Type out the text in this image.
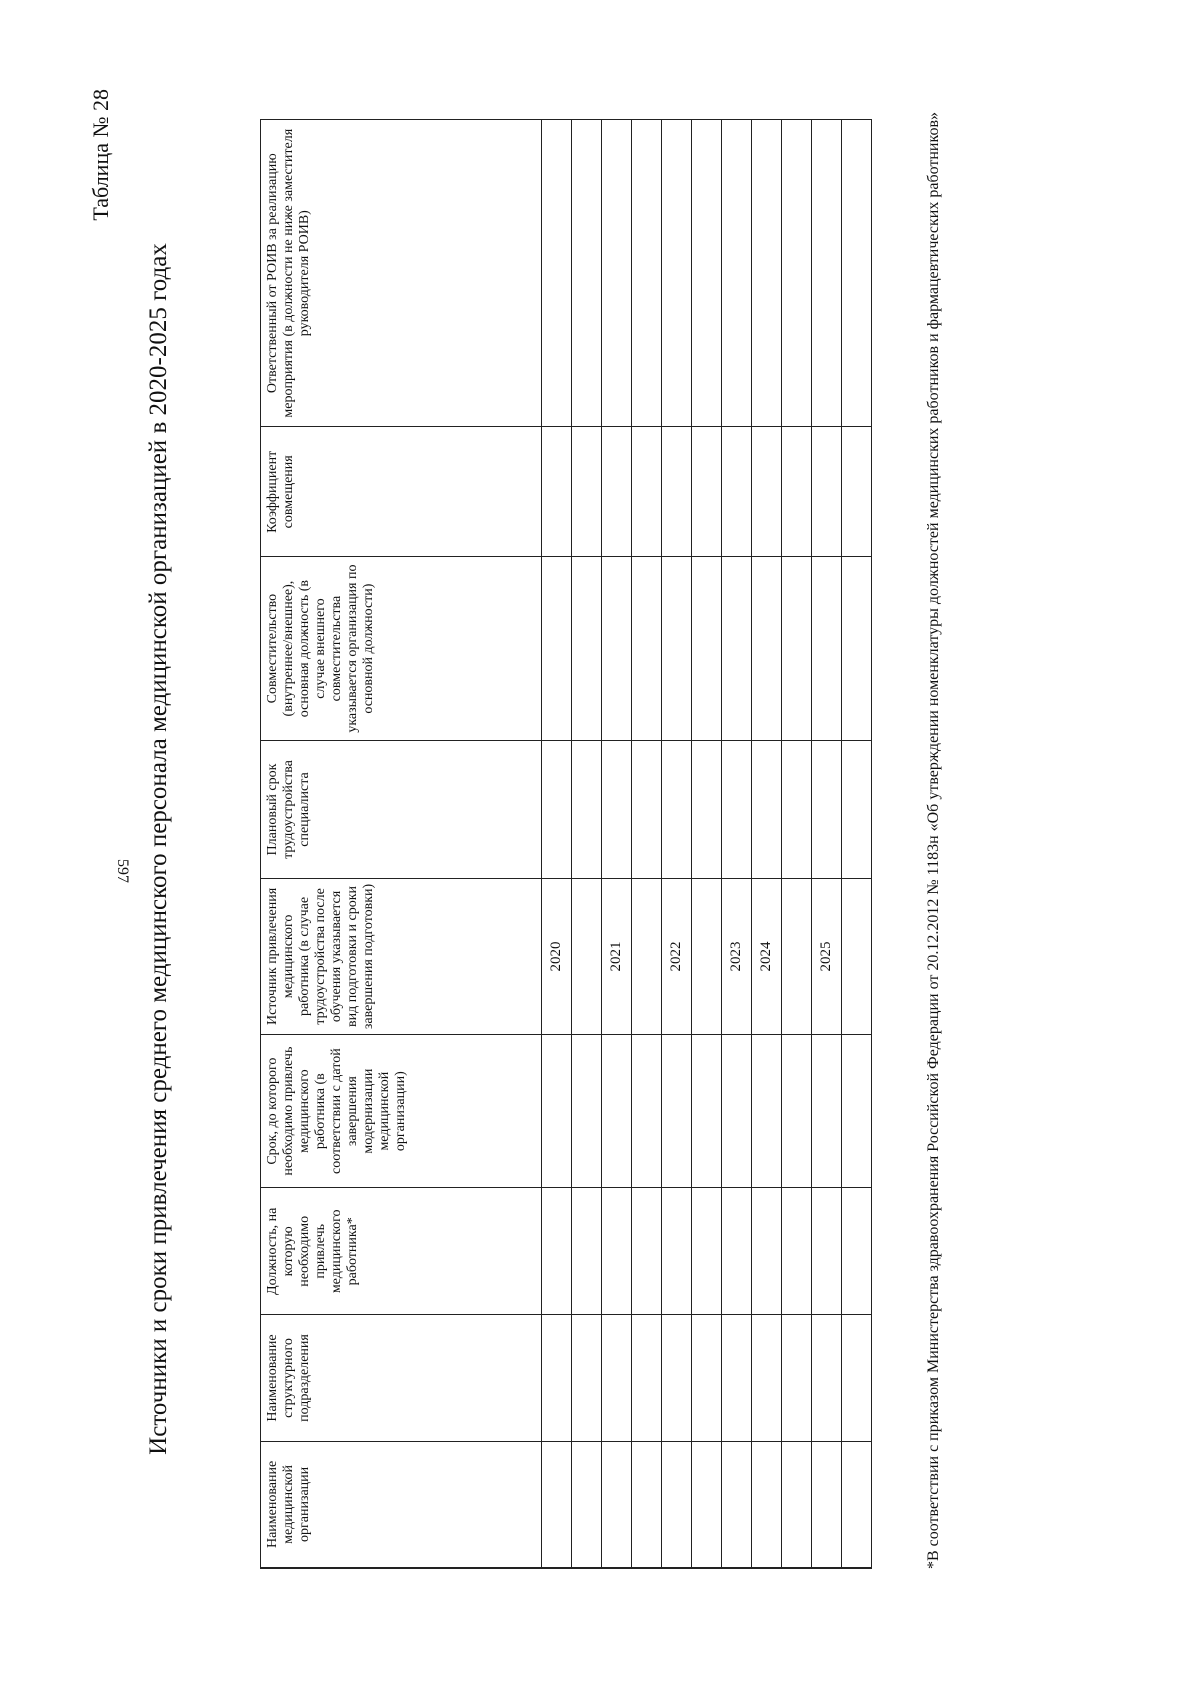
597
Таблица № 28
Источники и сроки привлечения среднего медицинского персонала медицинской организацией в 2020-2025 годах
Наименование медицинской организации	Наименование структурного подразделения	Должность, на которую необходимо привлечь медицинского работника*	Срок, до которого необходимо привлечь медицинского работника (в соответствии с датой завершения модернизации медицинской организации)	Источник привлечения медицинского работника (в случае трудоустройства после обучения указывается вид подготовки и сроки завершения подготовки)	Плановый срок трудоустройства специалиста	Совместительство (внутреннее/внешнее), основная должность (в случае внешнего совместительства указывается организация по основной должности)	Коэффициент совмещения	Ответственный от РОИВ за реализацию мероприятия (в должности не ниже заместителя руководителя РОИВ)
				2020				

				2021				

				2022				

				2023				
				2024				

				2025				
									*В соответствии с приказом Министерства здравоохранения Российской Федерации от 20.12.2012 № 1183н «Об утверждении номенклатуры должностей медицинских работников и фармацевтических работников»
